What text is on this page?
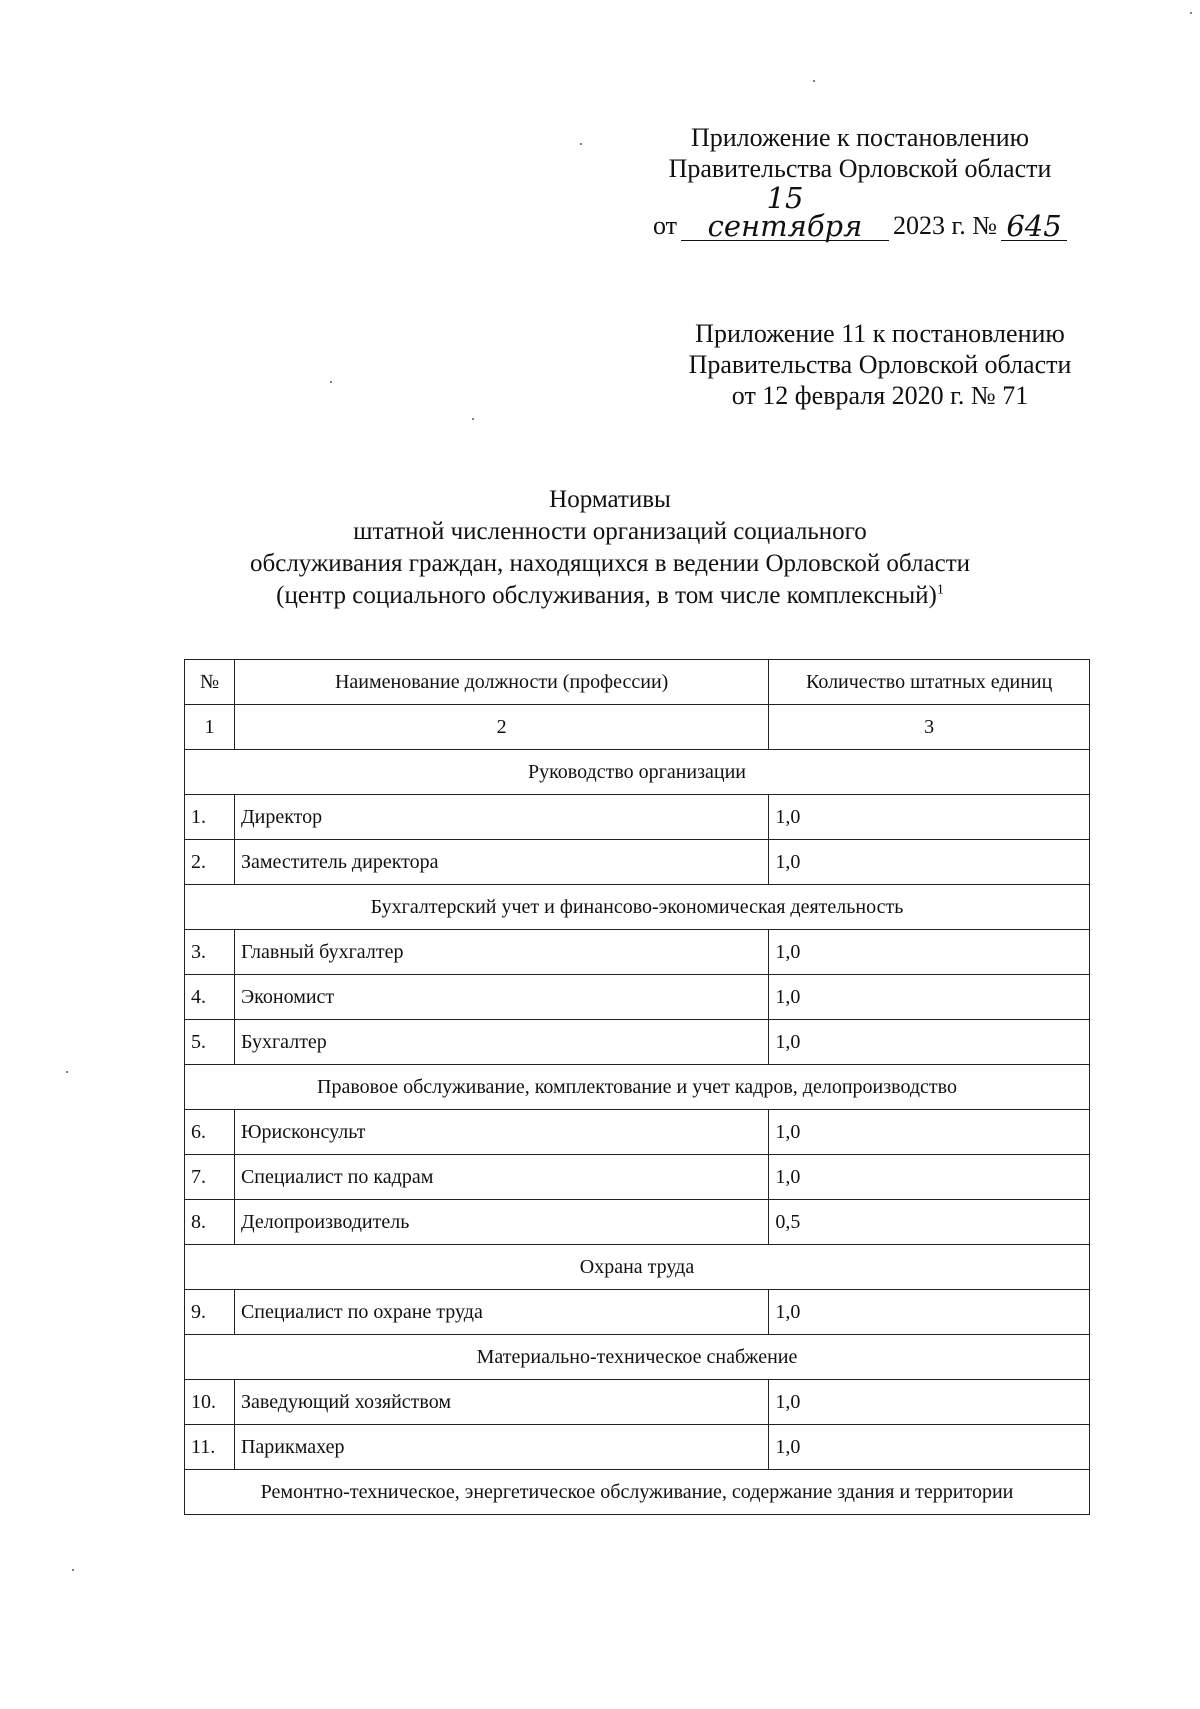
Приложение к постановлению
Правительства Орловской области
от
15 сентября	2023 г. № 645
Приложение 11 к постановлению
Правительства Орловской области
от 12 февраля 2020 г. № 71
Нормативы
штатной численности организаций социального
обслуживания граждан, находящихся в ведении Орловской области
(центр социального обслуживания, в том числе комплексный)$^1$
№	Наименование должности (профессии)	Количество штатных единиц
1	2	3
Руководство организации		
1.	Директор	1,0
2.	Заместитель директора	1,0
Бухгалтерский учет и финансово-экономическая деятельность		
3.	Главный бухгалтер	1,0
4.	Экономист	1,0
5.	Бухгалтер	1,0
Правовое обслуживание, комплектование и учет кадров, делопроизводство		
6.	Юрисконсульт	1,0
7.	Специалист по кадрам	1,0
8.	Делопроизводитель	0,5
Охрана труда		
9.	Специалист по охране труда	1,0
Материально-техническое снабжение		
10.	Заведующий хозяйством	1,0
11.	Парикмахер	1,0
Ремонтно-техническое, энергетическое обслуживание, содержание здания и территории		
